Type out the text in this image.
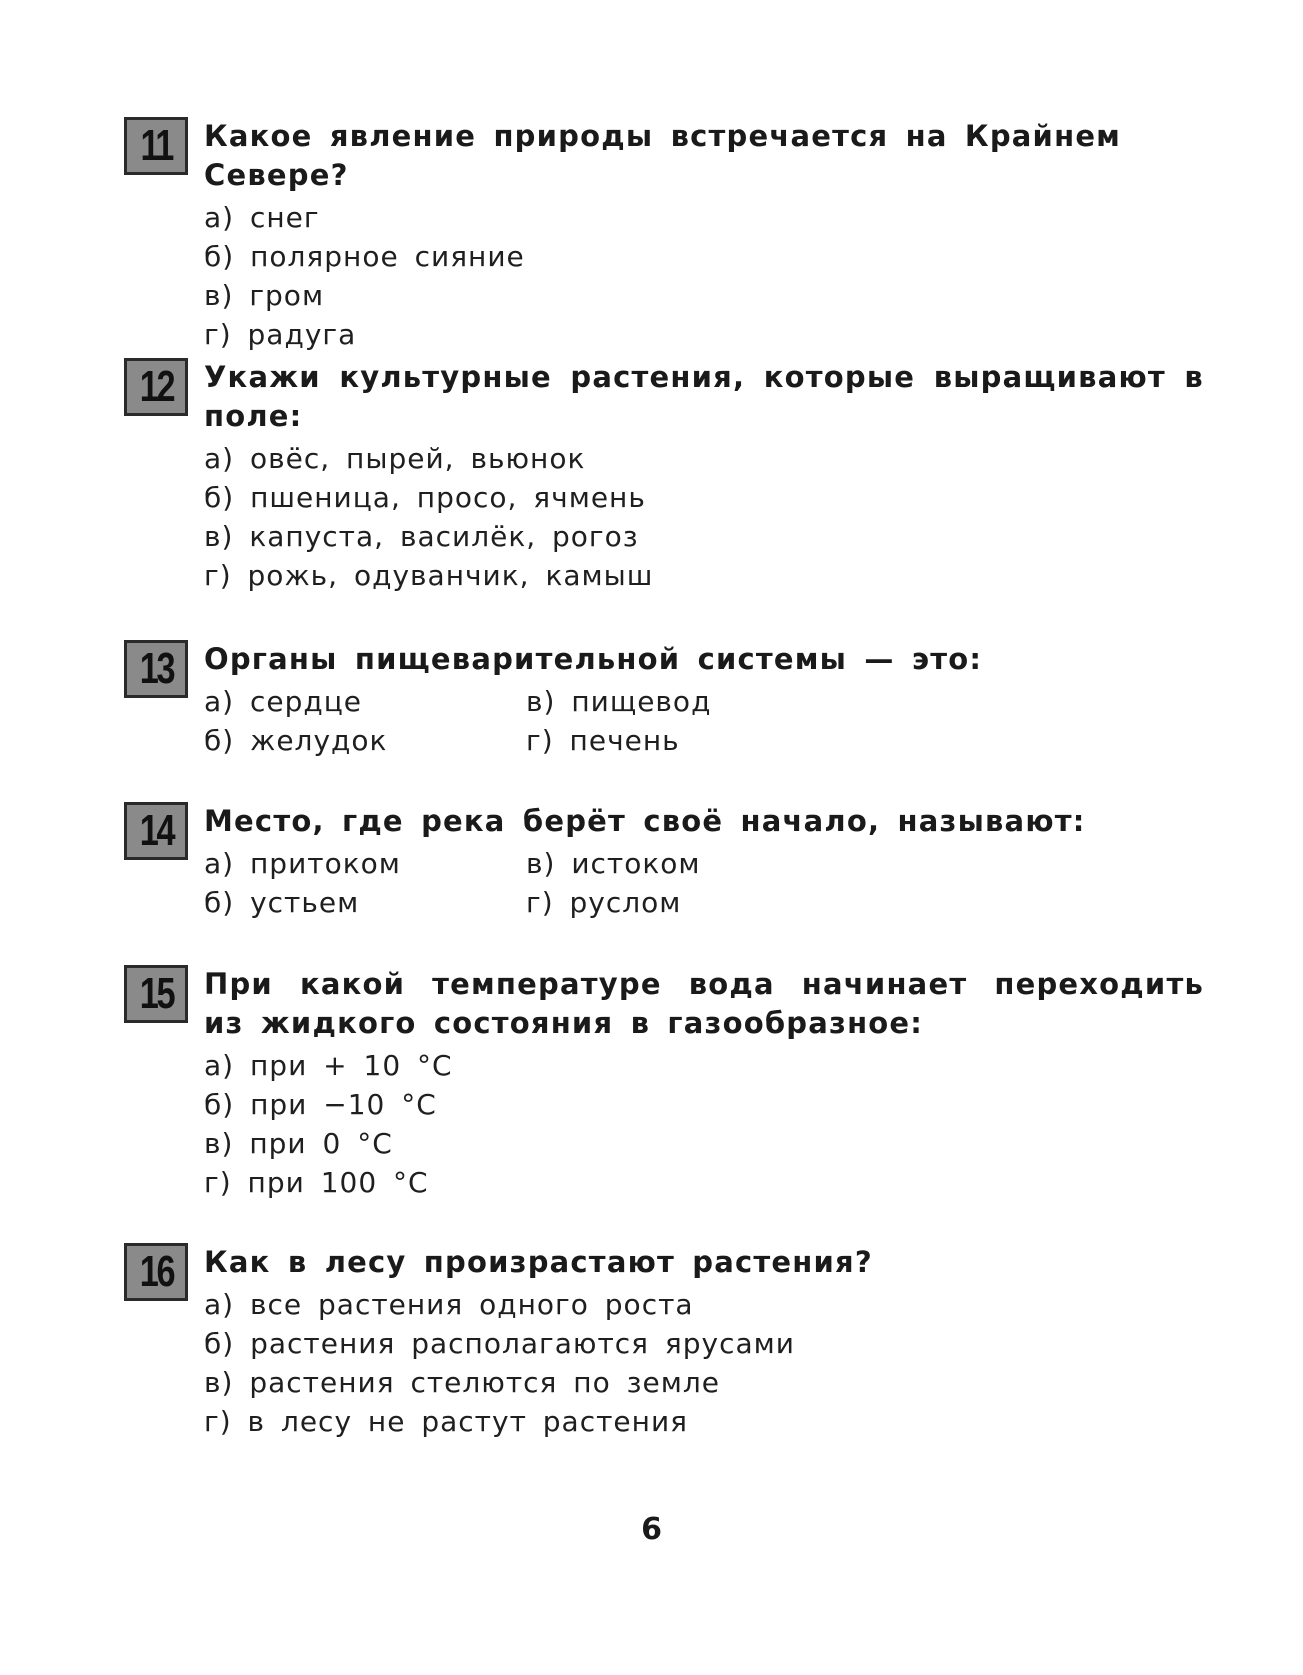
11 Какое явление природы встречается на Крайнем Севере?
а) снег
б) полярное сияние
в) гром
г) радуга
12 Укажи культурные растения, которые выращивают в поле:
а) овёс, пырей, вьюнок
б) пшеница, просо, ячмень
в) капуста, василёк, рогоз
г) рожь, одуванчик, камыш
13 Органы пищеварительной системы — это:
а) сердце	в) пищевод
б) желудок	г) печень
14 Место, где река берёт своё начало, называют:
а) притоком	в) истоком
б) устьем	г) руслом
15 При какой температуре вода начинает переходить из жидкого состояния в газообразное:
а) при + 10 °С
б) при −10 °С
в) при 0 °С
г) при 100 °С
16 Как в лесу произрастают растения?
а) все растения одного роста
б) растения располагаются ярусами
в) растения стелются по земле
г) в лесу не растут растения
6
